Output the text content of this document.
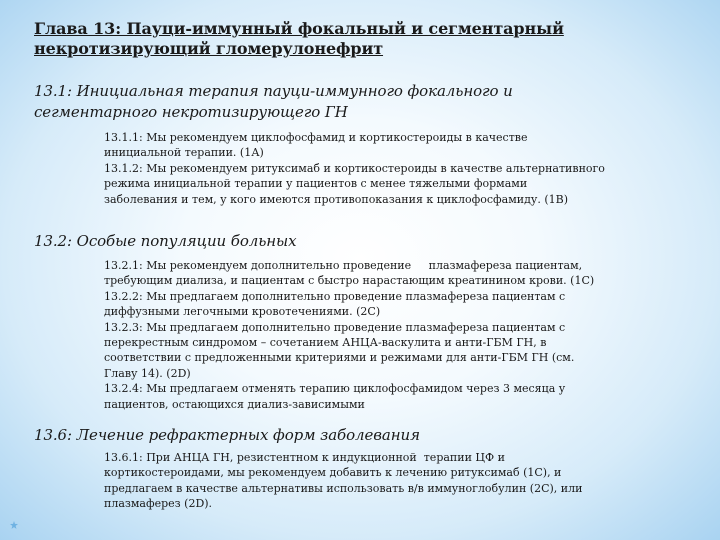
Глава 13: Пауци-иммунный фокальный и сегментарный
некротизирующий гломерулонефрит
13.1: Инициальная терапия пауци-иммунного фокального и
сегментарного некротизирующего ГН
13.1.1: Мы рекомендуем циклофосфамид и кортикостероиды в качестве
инициальной терапии. (1А)
13.1.2: Мы рекомендуем ритуксимаб и кортикостероиды в качестве альтернативного
режима инициальной терапии у пациентов с менее тяжелыми формами
заболевания и тем, у кого имеются противопоказания к циклофосфамиду. (1В)
13.2: Особые популяции больных
13.2.1: Мы рекомендуем дополнительно проведение     плазмафереза пациентам,
требующим диализа, и пациентам с быстро нарастающим креатинином крови. (1С)
13.2.2: Мы предлагаем дополнительно проведение плазмафереза пациентам с
диффузными легочными кровотечениями. (2С)
13.2.3: Мы предлагаем дополнительно проведение плазмафереза пациентам с
перекрестным синдромом – сочетанием АНЦА-васкулита и анти-ГБМ ГН, в
соответствии с предложенными критериями и режимами для анти-ГБМ ГН (см.
Главу 14). (2D)
13.2.4: Мы предлагаем отменять терапию циклофосфамидом через 3 месяца у
пациентов, остающихся диализ-зависимыми
13.6: Лечение рефрактерных форм заболевания
13.6.1: При АНЦА ГН, резистентном к индукционной  терапии ЦФ и
кортикостероидами, мы рекомендуем добавить к лечению ритуксимаб (1С), и
предлагаем в качестве альтернативы использовать в/в иммуноглобулин (2С), или
плазмаферез (2D).
